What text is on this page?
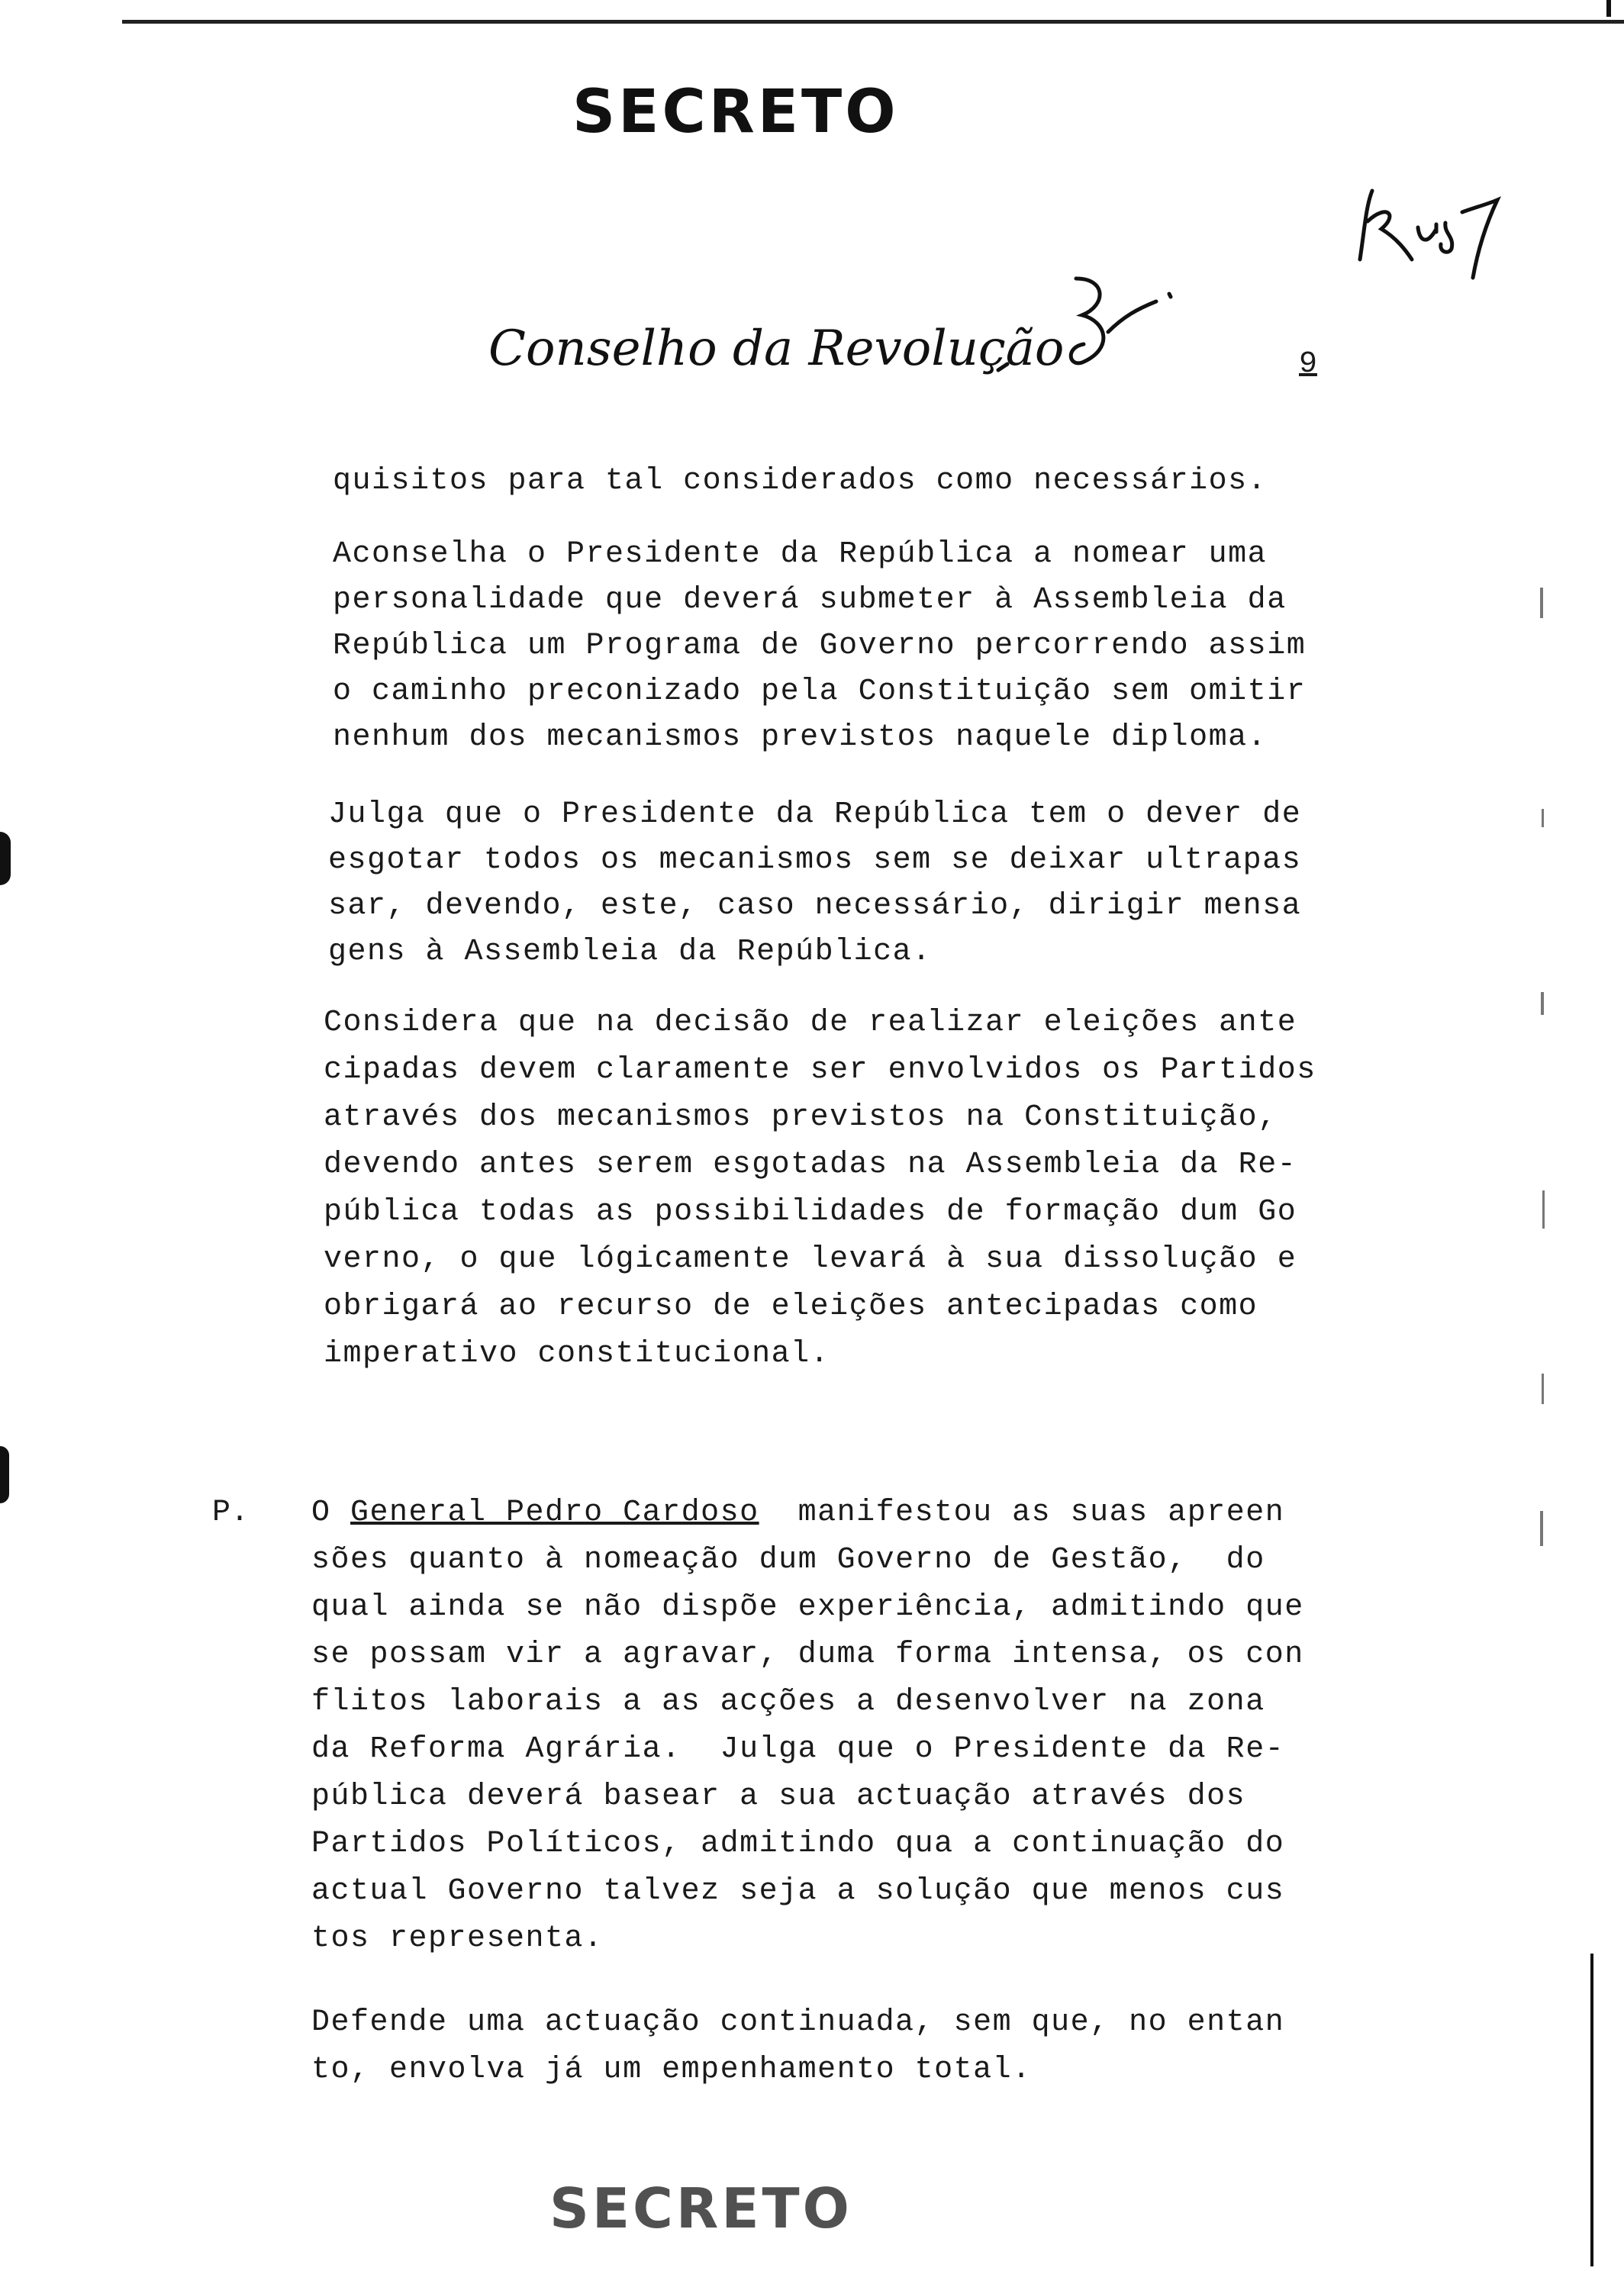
SECRETO
Conselho da Revolução	9
quisitos para tal considerados como necessários.
Aconselha o Presidente da República a nomear uma
personalidade que deverá submeter à Assembleia da
República um Programa de Governo percorrendo assim
o caminho preconizado pela Constituição sem omitir
nenhum dos mecanismos previstos naquele diploma.
Julga que o Presidente da República tem o dever de
esgotar todos os mecanismos sem se deixar ultrapas
sar, devendo, este, caso necessário, dirigir mensa
gens à Assembleia da República.
Considera que na decisão de realizar eleições ante
cipadas devem claramente ser envolvidos os Partidos
através dos mecanismos previstos na Constituição,
devendo antes serem esgotadas na Assembleia da Re-
pública todas as possibilidades de formação dum Go
verno, o que lógicamente levará à sua dissolução e
obrigará ao recurso de eleições antecipadas como
imperativo constitucional.
P. O General Pedro Cardoso  manifestou as suas apreen
sões quanto à nomeação dum Governo de Gestão,  do
qual ainda se não dispõe experiência, admitindo que
se possam vir a agravar, duma forma intensa, os con
flitos laborais a as acções a desenvolver na zona
da Reforma Agrária.  Julga que o Presidente da Re-
pública deverá basear a sua actuação através dos
Partidos Políticos, admitindo qua a continuação do
actual Governo talvez seja a solução que menos cus
tos representa.
Defende uma actuação continuada, sem que, no entan
to, envolva já um empenhamento total.
SECRETO
